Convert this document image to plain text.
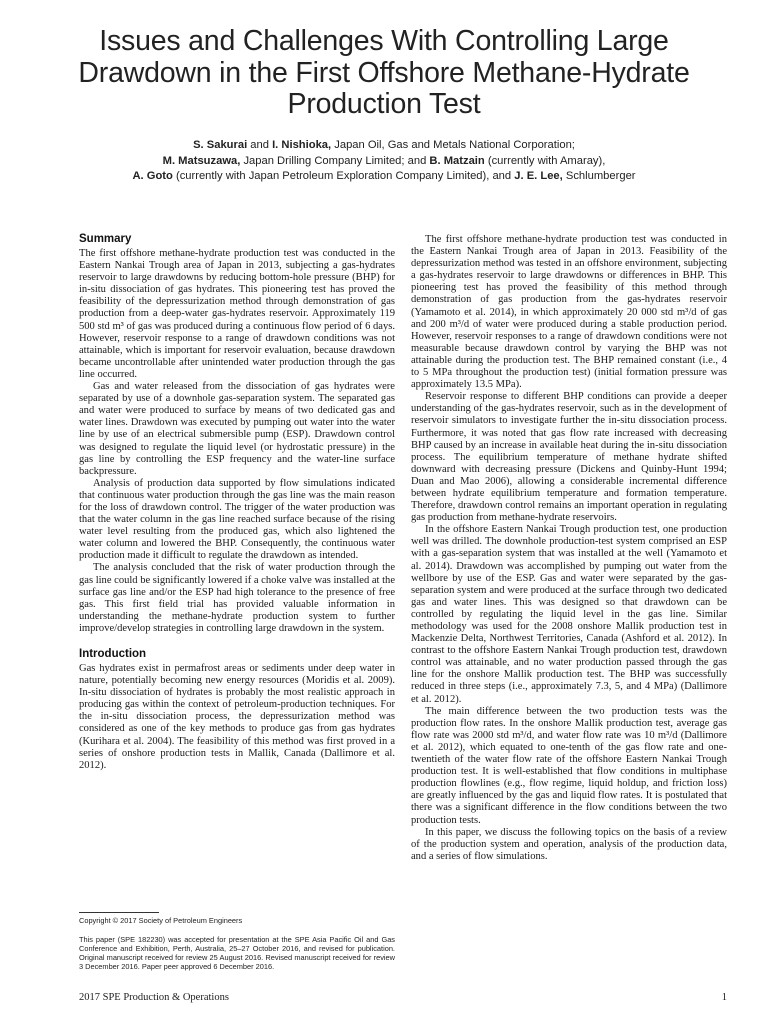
Issues and Challenges With Controlling Large Drawdown in the First Offshore Methane-Hydrate Production Test
S. Sakurai and I. Nishioka, Japan Oil, Gas and Metals National Corporation;
M. Matsuzawa, Japan Drilling Company Limited; and B. Matzain (currently with Amaray),
A. Goto (currently with Japan Petroleum Exploration Company Limited), and J. E. Lee, Schlumberger
Summary

The first offshore methane-hydrate production test was conducted in the Eastern Nankai Trough area of Japan in 2013, subjecting a gas-hydrates reservoir to large drawdowns by reducing bottom-hole pressure (BHP) for in-situ dissociation of gas hydrates. This pioneering test has proved the feasibility of the depressurization method through demonstration of gas production from a deep-water gas-hydrates reservoir. Approximately 119 500 std m³ of gas was produced during a continuous flow period of 6 days. However, reservoir response to a range of drawdown conditions was not attainable, which is important for reservoir evaluation, because drawdown became uncontrollable after unintended water production through the gas line occurred.

Gas and water released from the dissociation of gas hydrates were separated by use of a downhole gas-separation system. The separated gas and water were produced to surface by means of two dedicated gas and water lines. Drawdown was executed by pumping out water into the water line by use of an electrical submersible pump (ESP). Drawdown control was designed to regulate the liquid level (or hydrostatic pressure) in the gas line by controlling the ESP frequency and the water-line surface backpressure.

Analysis of production data supported by flow simulations indicated that continuous water production through the gas line was the main reason for the loss of drawdown control. The trigger of the water production was that the water column in the gas line reached surface because of the rising water level resulting from the produced gas, which also lightened the water column and lowered the BHP. Consequently, the continuous water production made it difficult to regulate the drawdown as intended.

The analysis concluded that the risk of water production through the gas line could be significantly lowered if a choke valve was installed at the surface gas line and/or the ESP had high tolerance to the presence of free gas. This first field trial has provided valuable information in understanding the methane-hydrate production system to further improve/develop strategies in controlling large drawdown in the system.

Introduction

Gas hydrates exist in permafrost areas or sediments under deep water in nature, potentially becoming new energy resources (Moridis et al. 2009). In-situ dissociation of hydrates is probably the most realistic approach in producing gas within the context of petroleum-production techniques. For the in-situ dissociation process, the depressurization method was considered as one of the key methods to produce gas from gas hydrates (Kurihara et al. 2004). The feasibility of this method was first proved in a series of onshore production tests in Mallik, Canada (Dallimore et al. 2012).

The first offshore methane-hydrate production test was conducted in the Eastern Nankai Trough area of Japan in 2013. Feasibility of the depressurization method was tested in an offshore environment, subjecting a gas-hydrates reservoir to large drawdowns or differences in BHP. This pioneering test has proved the feasibility of this method through demonstration of gas production from the gas-hydrates reservoir (Yamamoto et al. 2014), in which approximately 20 000 std m³/d of gas and 200 m³/d of water were produced during a stable production period. However, reservoir responses to a range of drawdown conditions were not measurable because drawdown control by varying the BHP was not attainable during the production test. The BHP remained constant (i.e., 4 to 5 MPa throughout the production test) (initial formation pressure was approximately 13.5 MPa).

Reservoir response to different BHP conditions can provide a deeper understanding of the gas-hydrates reservoir, such as in the development of reservoir simulators to investigate further the in-situ dissociation process. Furthermore, it was noted that gas flow rate increased with decreasing BHP caused by an increase in available heat during the in-situ dissociation process. The equilibrium temperature of methane hydrate shifted downward with decreasing pressure (Dickens and Quinby-Hunt 1994; Duan and Mao 2006), allowing a considerable incremental difference between hydrate equilibrium temperature and formation temperature. Therefore, drawdown control remains an important operation in regulating gas production from methane-hydrate reservoirs.

In the offshore Eastern Nankai Trough production test, one production well was drilled. The downhole production-test system comprised an ESP with a gas-separation system that was installed at the well (Yamamoto et al. 2014). Drawdown was accomplished by pumping out water from the wellbore by use of the ESP. Gas and water were separated by the gas-separation system and were produced at the surface through two dedicated gas and water lines. This was designed so that drawdown can be controlled by regulating the liquid level in the gas line. Similar methodology was used for the 2008 onshore Mallik production test in Mackenzie Delta, Northwest Territories, Canada (Ashford et al. 2012). In contrast to the offshore Eastern Nankai Trough production test, drawdown control was attainable, and no water production passed through the gas line for the onshore Mallik production test. The BHP was successfully reduced in three steps (i.e., approximately 7.3, 5, and 4 MPa) (Dallimore et al. 2012).

The main difference between the two production tests was the production flow rates. In the onshore Mallik production test, average gas flow rate was 2000 std m³/d, and water flow rate was 10 m³/d (Dallimore et al. 2012), which equated to one-tenth of the gas flow rate and one-twentieth of the water flow rate of the offshore Eastern Nankai Trough production test. It is well-established that flow conditions in multiphase production flowlines (e.g., flow regime, liquid holdup, and friction loss) are greatly influenced by the gas and liquid flow rates. It is postulated that there was a significant difference in the flow conditions between the two production tests.

In this paper, we discuss the following topics on the basis of a review of the production system and operation, analysis of the production data, and a series of flow simulations.

Copyright © 2017 Society of Petroleum Engineers
This paper (SPE 182230) was accepted for presentation at the SPE Asia Pacific Oil and Gas Conference and Exhibition, Perth, Australia, 25–27 October 2016, and revised for publication. Original manuscript received for review 25 August 2016. Revised manuscript received for review 3 December 2016. Paper peer approved 6 December 2016.
2017 SPE Production & Operations	1
